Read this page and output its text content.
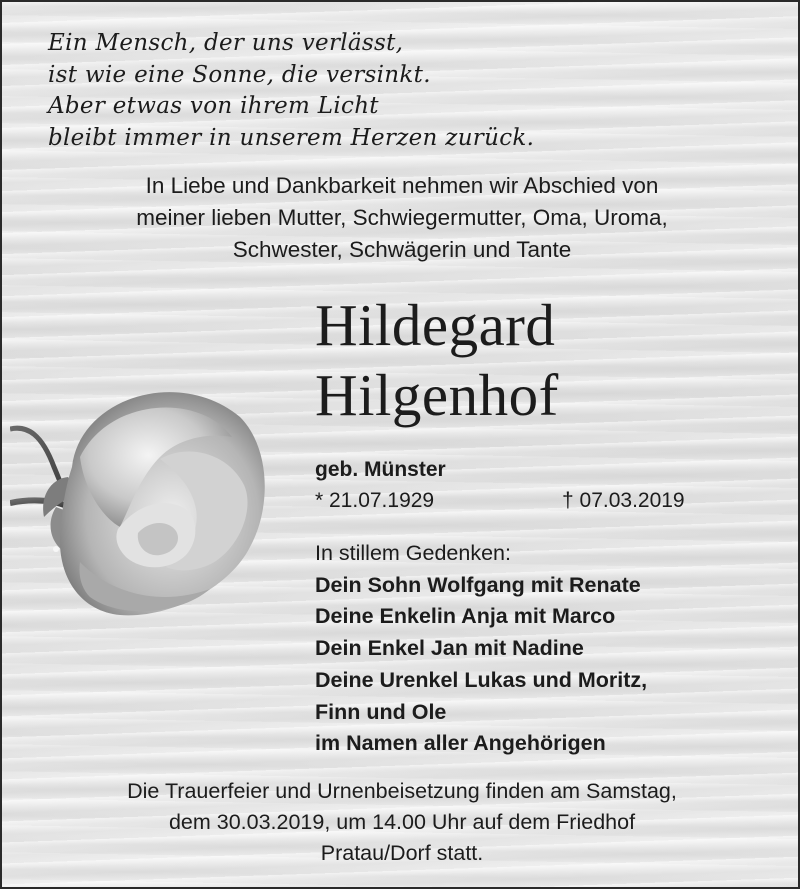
Ein Mensch, der uns verlässt,
ist wie eine Sonne, die versinkt.
Aber etwas von ihrem Licht
bleibt immer in unserem Herzen zurück.
In Liebe und Dankbarkeit nehmen wir Abschied von
meiner lieben Mutter, Schwiegermutter, Oma, Uroma,
Schwester, Schwägerin und Tante
Hildegard
Hilgenhof
geb. Münster
* 21.07.1929	† 07.03.2019
In stillem Gedenken:
Dein Sohn Wolfgang mit Renate
Deine Enkelin Anja mit Marco
Dein Enkel Jan mit Nadine
Deine Urenkel Lukas und Moritz,
Finn und Ole
im Namen aller Angehörigen
Die Trauerfeier und Urnenbeisetzung finden am Samstag,
dem 30.03.2019, um 14.00 Uhr auf dem Friedhof
Pratau/Dorf statt.
